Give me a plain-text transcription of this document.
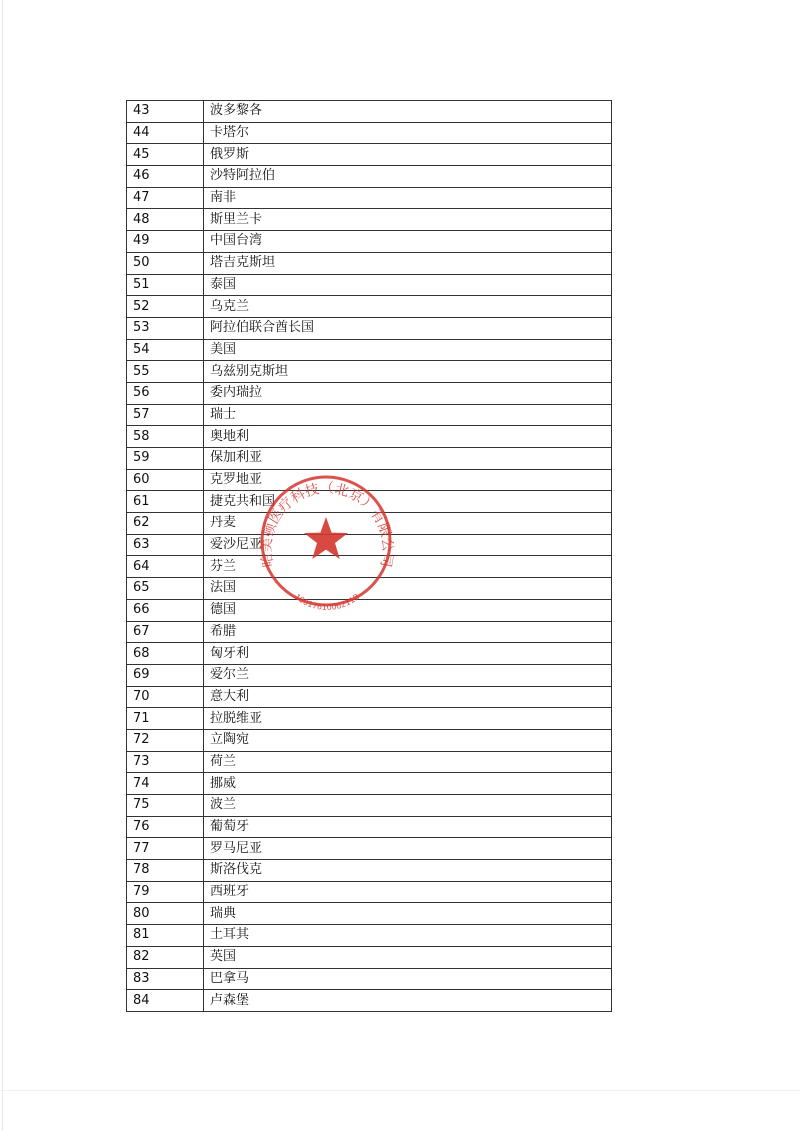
43	波多黎各
44	卡塔尔
45	俄罗斯
46	沙特阿拉伯
47	南非
48	斯里兰卡
49	中国台湾
50	塔吉克斯坦
51	泰国
52	乌克兰
53	阿拉伯联合酋长国
54	美国
55	乌兹别克斯坦
56	委内瑞拉
57	瑞士
58	奥地利
59	保加利亚
60	克罗地亚
61	捷克共和国
62	丹麦
63	爱沙尼亚
64	芬兰
65	法国
66	德国
67	希腊
68	匈牙利
69	爱尔兰
70	意大利
71	拉脱维亚
72	立陶宛
73	荷兰
74	挪威
75	波兰
76	葡萄牙
77	罗马尼亚
78	斯洛伐克
79	西班牙
80	瑞典
81	土耳其
82	英国
83	巴拿马
84	卢森堡
哈美顿医疗科技（北京）有限公司
1001761006211B
